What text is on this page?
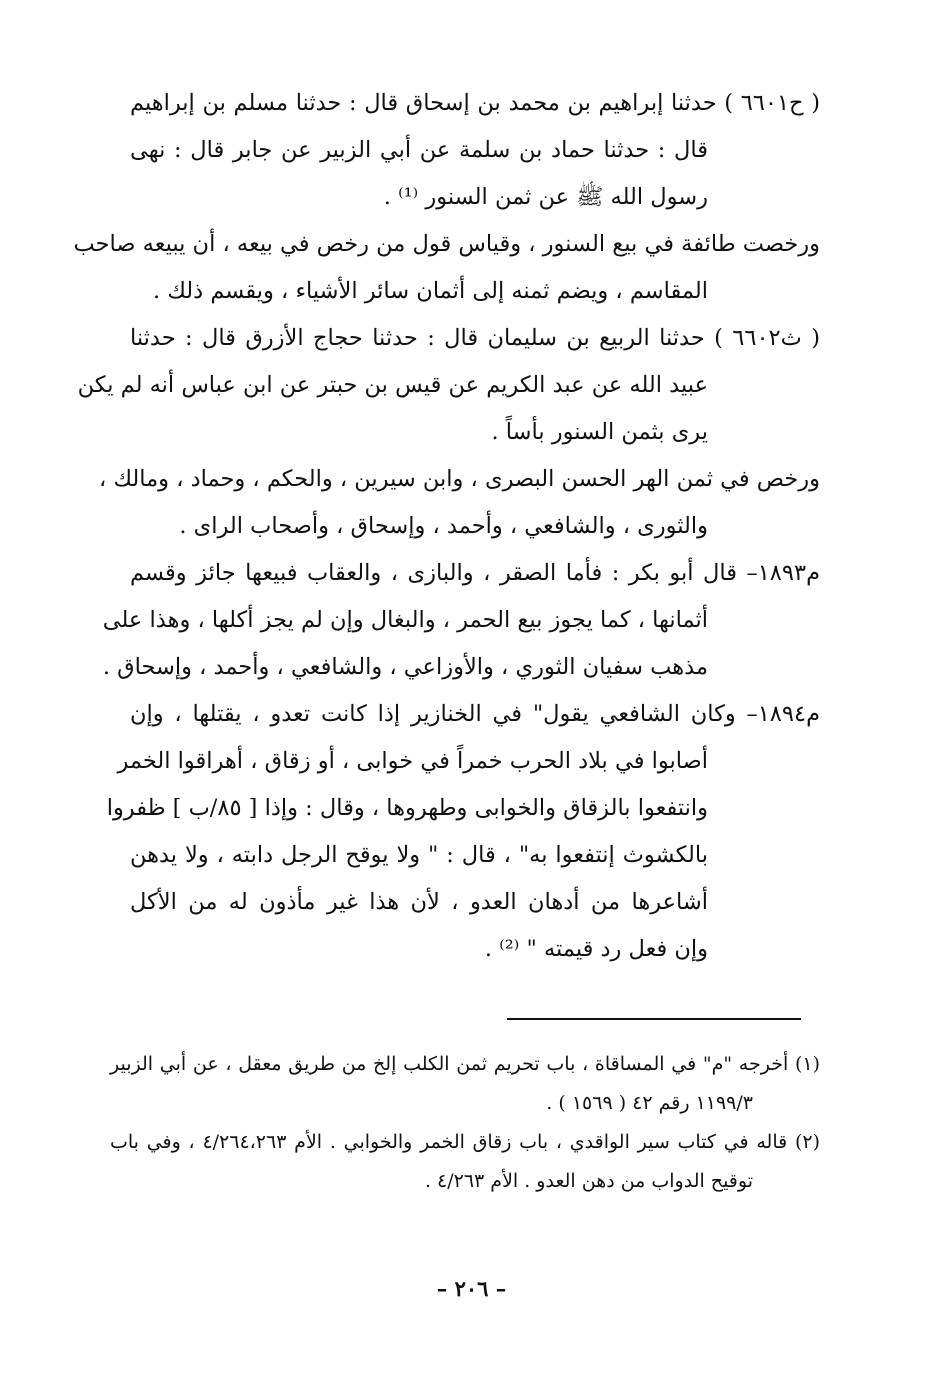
( ح٦٦٠١ ) حدثنا إبراهيم بن محمد بن إسحاق قال : حدثنا مسلم بن إبراهيم
قال : حدثنا حماد بن سلمة عن أبي الزبير عن جابر قال : نهى
رسول الله ﷺ عن ثمن السنور ⁽¹⁾ .
ورخصت طائفة في بيع السنور ، وقياس قول من رخص في بيعه ، أن يبيعه صاحب
المقاسم ، ويضم ثمنه إلى أثمان سائر الأشياء ، ويقسم ذلك .
( ث٦٦٠٢ ) حدثنا الربيع بن سليمان قال : حدثنا حجاج الأزرق قال : حدثنا
عبيد الله عن عبد الكريم عن قيس بن حبتر عن ابن عباس أنه لم يكن
يرى بثمن السنور بأساً .
ورخص في ثمن الهر الحسن البصرى ، وابن سيرين ، والحكم ، وحماد ، ومالك ،
والثورى ، والشافعي ، وأحمد ، وإسحاق ، وأصحاب الراى .
م١٨٩٣– قال أبو بكر : فأما الصقر ، والبازى ، والعقاب فبيعها جائز وقسم
أثمانها ، كما يجوز بيع الحمر ، والبغال وإن لم يجز أكلها ، وهذا على
مذهب سفيان الثوري ، والأوزاعي ، والشافعي ، وأحمد ، وإسحاق .
م١٨٩٤– وكان الشافعي يقول" في الخنازير إذا كانت تعدو ، يقتلها ، وإن
أصابوا في بلاد الحرب خمراً في خوابى ، أو زقاق ، أهراقوا الخمر
وانتفعوا بالزقاق والخوابى وطهروها ، وقال : وإذا [ ٨٥/ب ] ظفروا
بالكشوث إنتفعوا به" ، قال : " ولا يوقح الرجل دابته ، ولا يدهن
أشاعرها من أدهان العدو ، لأن هذا غير مأذون له من الأكل
وإن فعل رد قيمته " ⁽²⁾ .
(١) أخرجه "م" في المساقاة ، باب تحريم ثمن الكلب إلخ من طريق معقل ، عن أبي الزبير
١١٩٩/٣ رقم ٤٢ ( ١٥٦٩ ) .
(٢) قاله في كتاب سير الواقدي ، باب زقاق الخمر والخوابي . الأم ٤/٢٦٤،٢٦٣ ، وفي باب
توقيح الدواب من دهن العدو . الأم ٤/٢٦٣ .
– ٢٠٦ –
